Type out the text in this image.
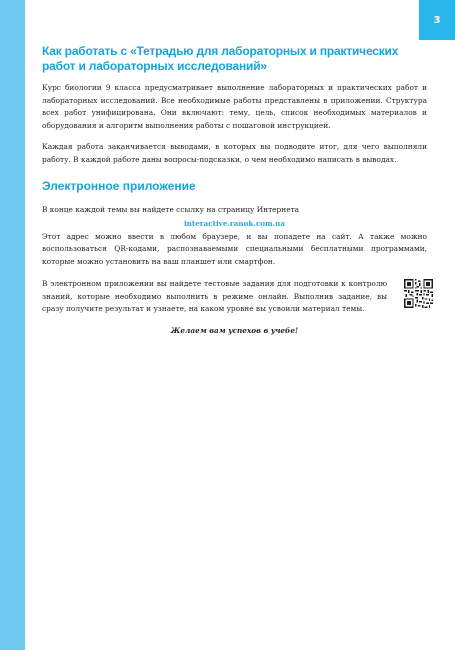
3
Как работать с «Тетрадью для лабораторных и практических работ и лабораторных исследований»

Курс биологии 9 класса предусматривает выполнение лабораторных и практических работ и лабораторных исследований. Все необходимые работы представлены в приложении. Структура всех работ унифицирована. Они включают: тему, цель, список необходимых материалов и оборудования и алгоритм выполнения работы с пошаговой инструкцией.

Каждая работа заканчивается выводами, в которых вы подводите итог, для чего выполняли работу. В каждой работе даны вопросы-подсказки, о чем необходимо написать в выводах.

Электронное приложение

В конце каждой темы вы найдете ссылку на страницу Интернета

interactive.ranok.com.ua

Этот адрес можно ввести в любом браузере, и вы попадете на сайт. А также можно воспользоваться QR-кодами, распознаваемыми специальными бесплатными программами, которые можно установить на ваш планшет или смартфон.

В электронном приложении вы найдете тестовые задания для подготовки к контролю знаний, которые необходимо выполнить в режиме онлайн. Выполнив задание, вы сразу получите результат и узнаете, на каком уровне вы усвоили материал темы.

Желаем вам успехов в учебе!
